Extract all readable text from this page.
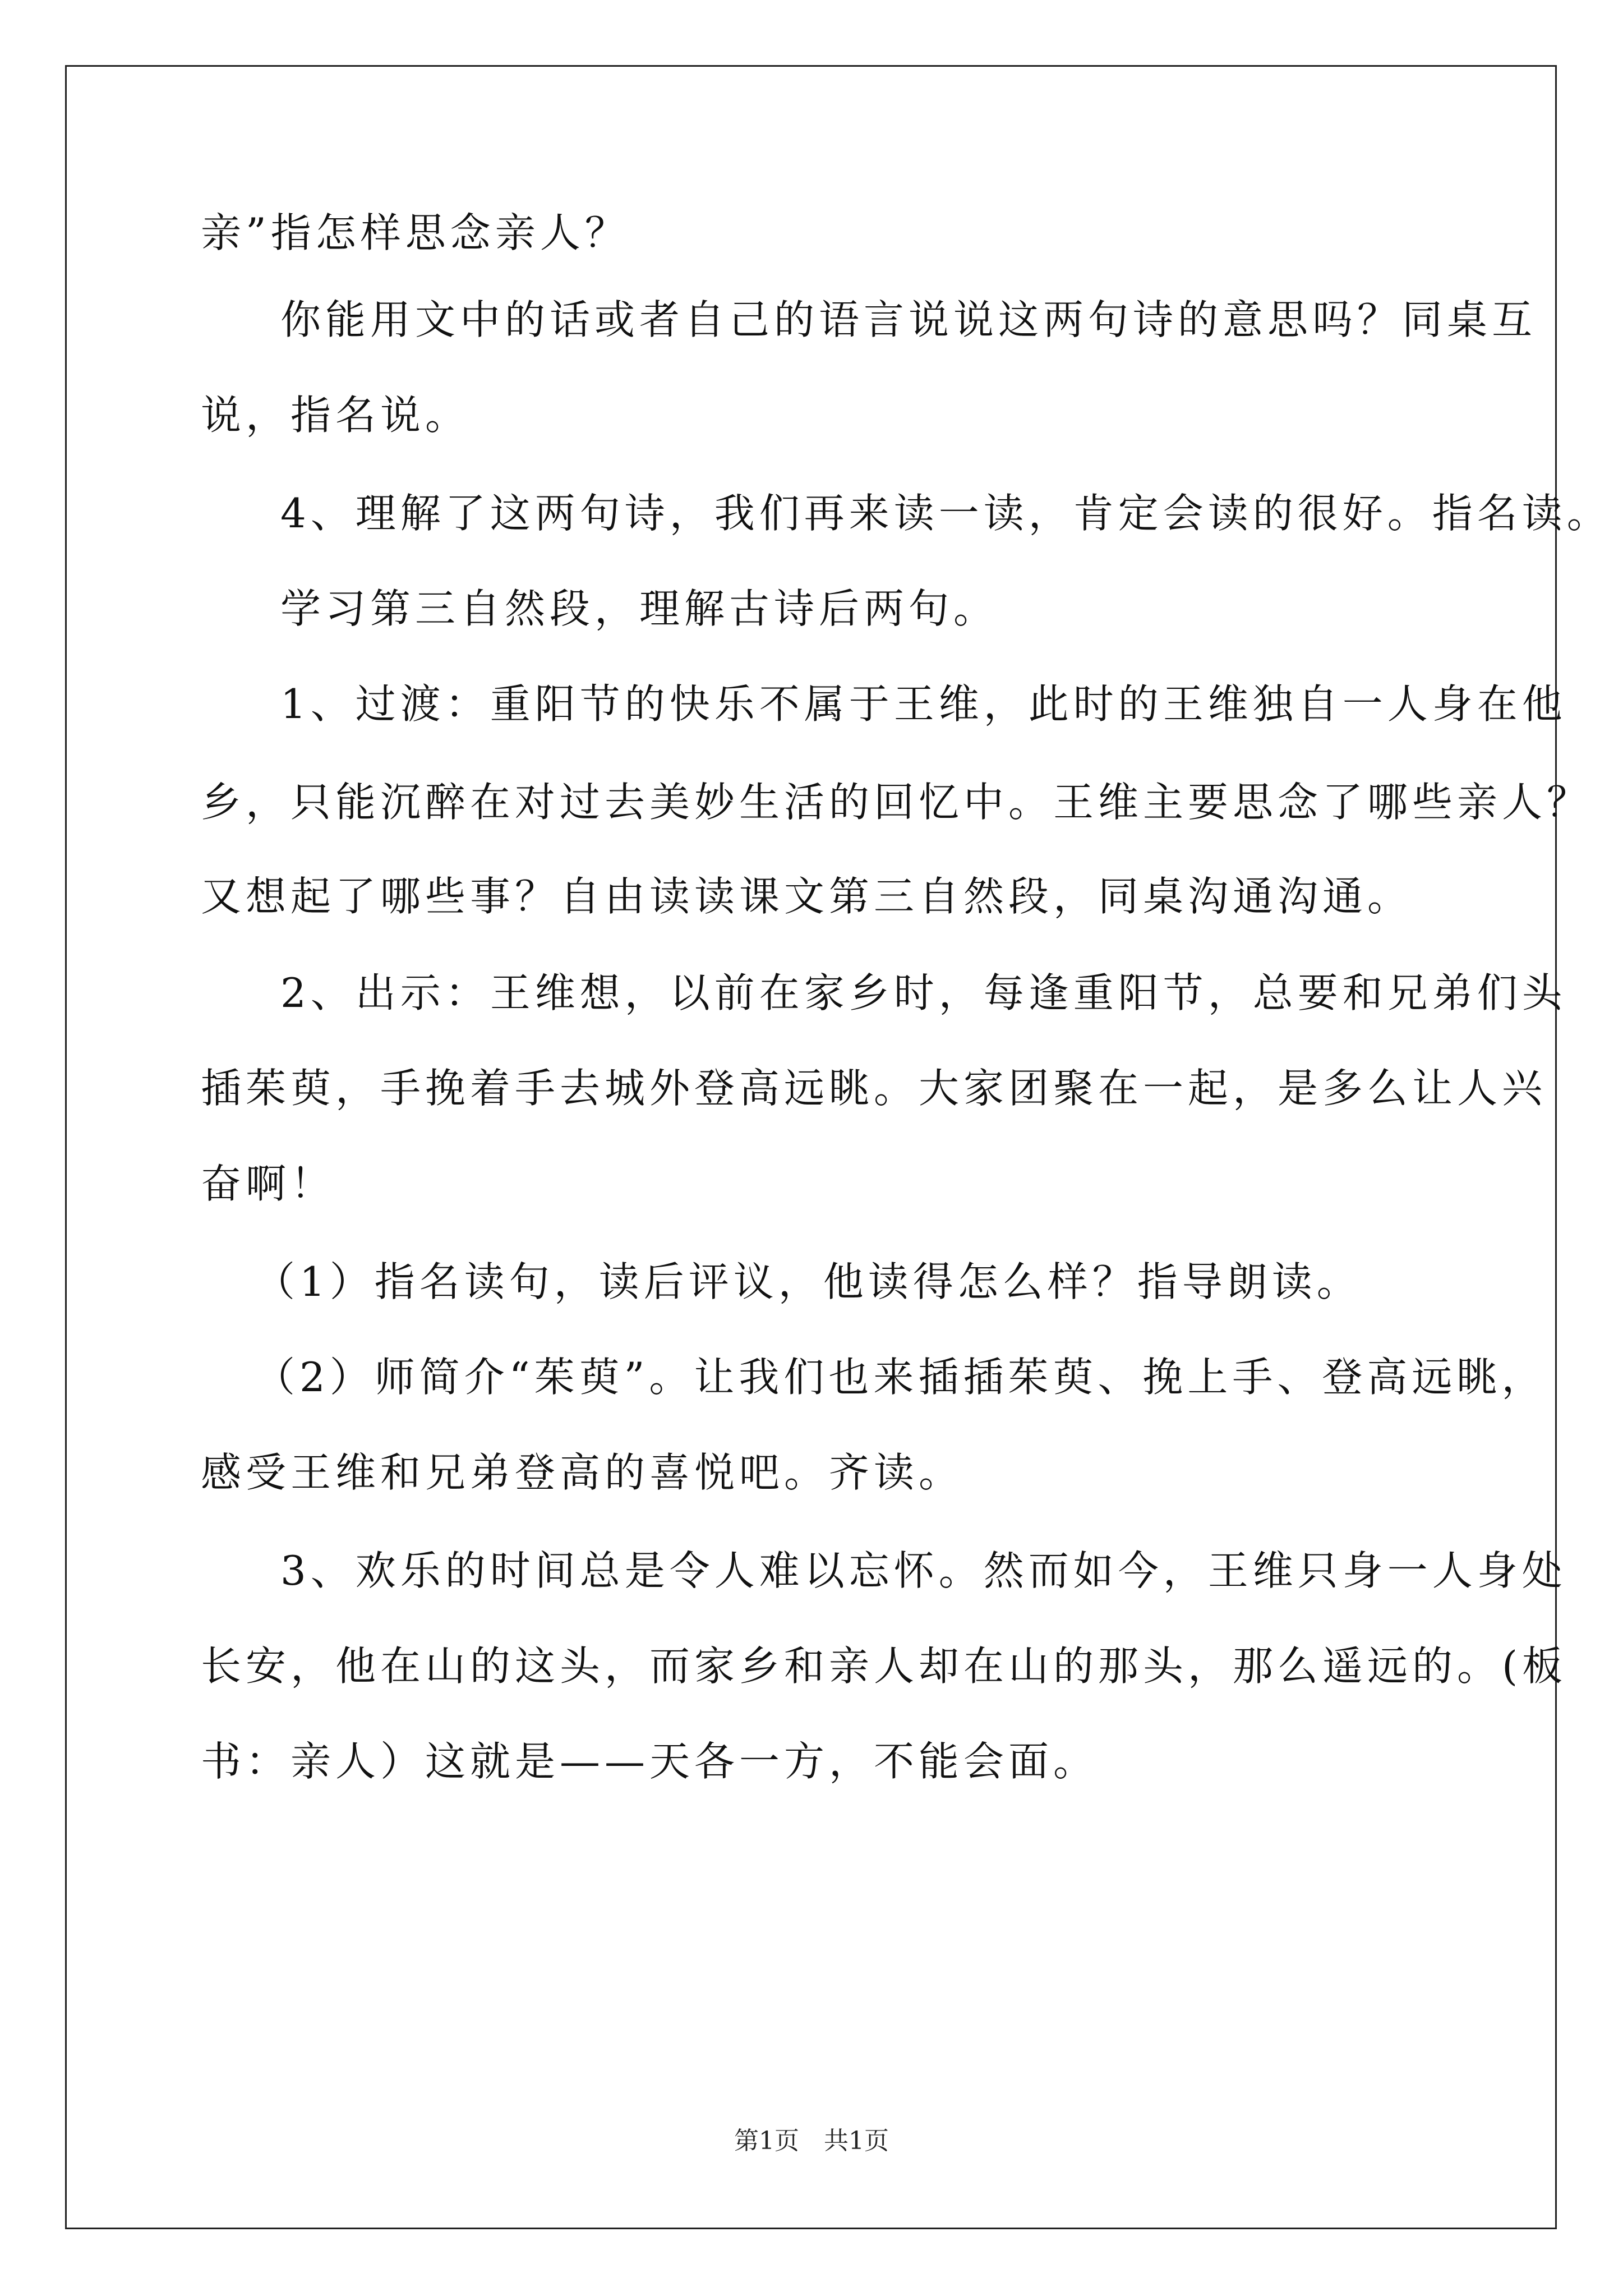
亲”指怎样思念亲人？
你能用文中的话或者自己的语言说说这两句诗的意思吗？同桌互
说，指名说。
4、理解了这两句诗，我们再来读一读，肯定会读的很好。指名读。
学习第三自然段，理解古诗后两句。
1、过渡：重阳节的快乐不属于王维，此时的王维独自一人身在他
乡，只能沉醉在对过去美妙生活的回忆中。王维主要思念了哪些亲人？
又想起了哪些事？自由读读课文第三自然段，同桌沟通沟通。
2、出示：王维想，以前在家乡时，每逢重阳节，总要和兄弟们头
插茱萸，手挽着手去城外登高远眺。大家团聚在一起，是多么让人兴
奋啊！
（1）指名读句，读后评议，他读得怎么样？指导朗读。
（2）师简介“茱萸”。让我们也来插插茱萸、挽上手、登高远眺，
感受王维和兄弟登高的喜悦吧。齐读。
3、欢乐的时间总是令人难以忘怀。然而如今，王维只身一人身处
长安，他在山的这头，而家乡和亲人却在山的那头，那么遥远的。(板
书：亲人）这就是——天各一方，不能会面。
第1页　共1页
